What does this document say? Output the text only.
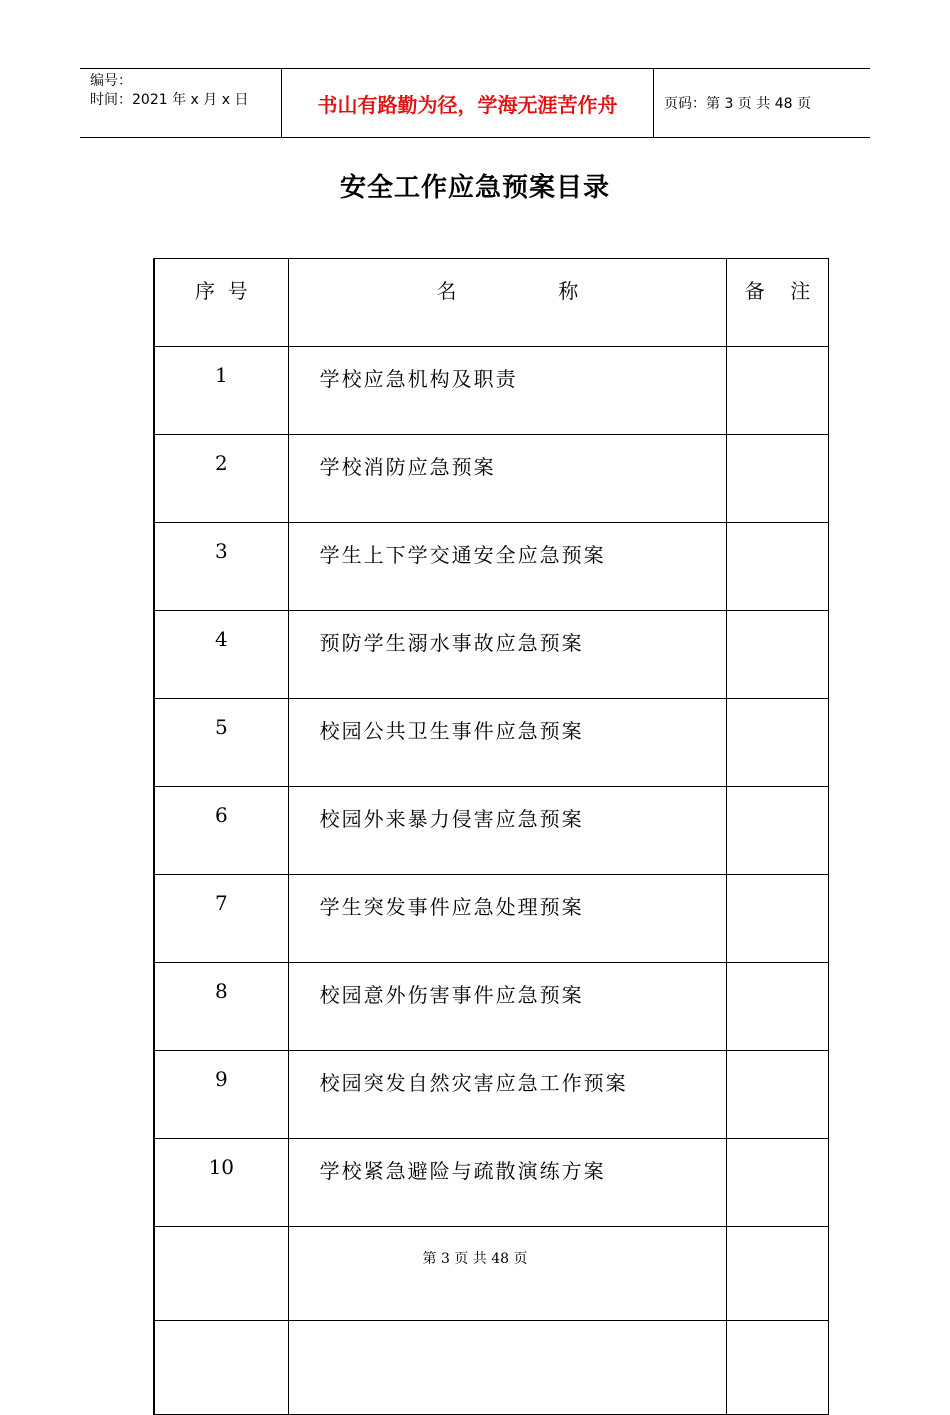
编号：
时间：2021 年 x 月 x 日	书山有路勤为径，学海无涯苦作舟	页码：第 3 页 共 48 页
安全工作应急预案目录
序  号	名                称	备    注
1	学校应急机构及职责	
2	学校消防应急预案	
3	学生上下学交通安全应急预案	
4	预防学生溺水事故应急预案	
5	校园公共卫生事件应急预案	
6	校园外来暴力侵害应急预案	
7	学生突发事件应急处理预案	
8	校园意外伤害事件应急预案	
9	校园突发自然灾害应急工作预案	
10	学校紧急避险与疏散演练方案	

第 3 页 共 48 页
